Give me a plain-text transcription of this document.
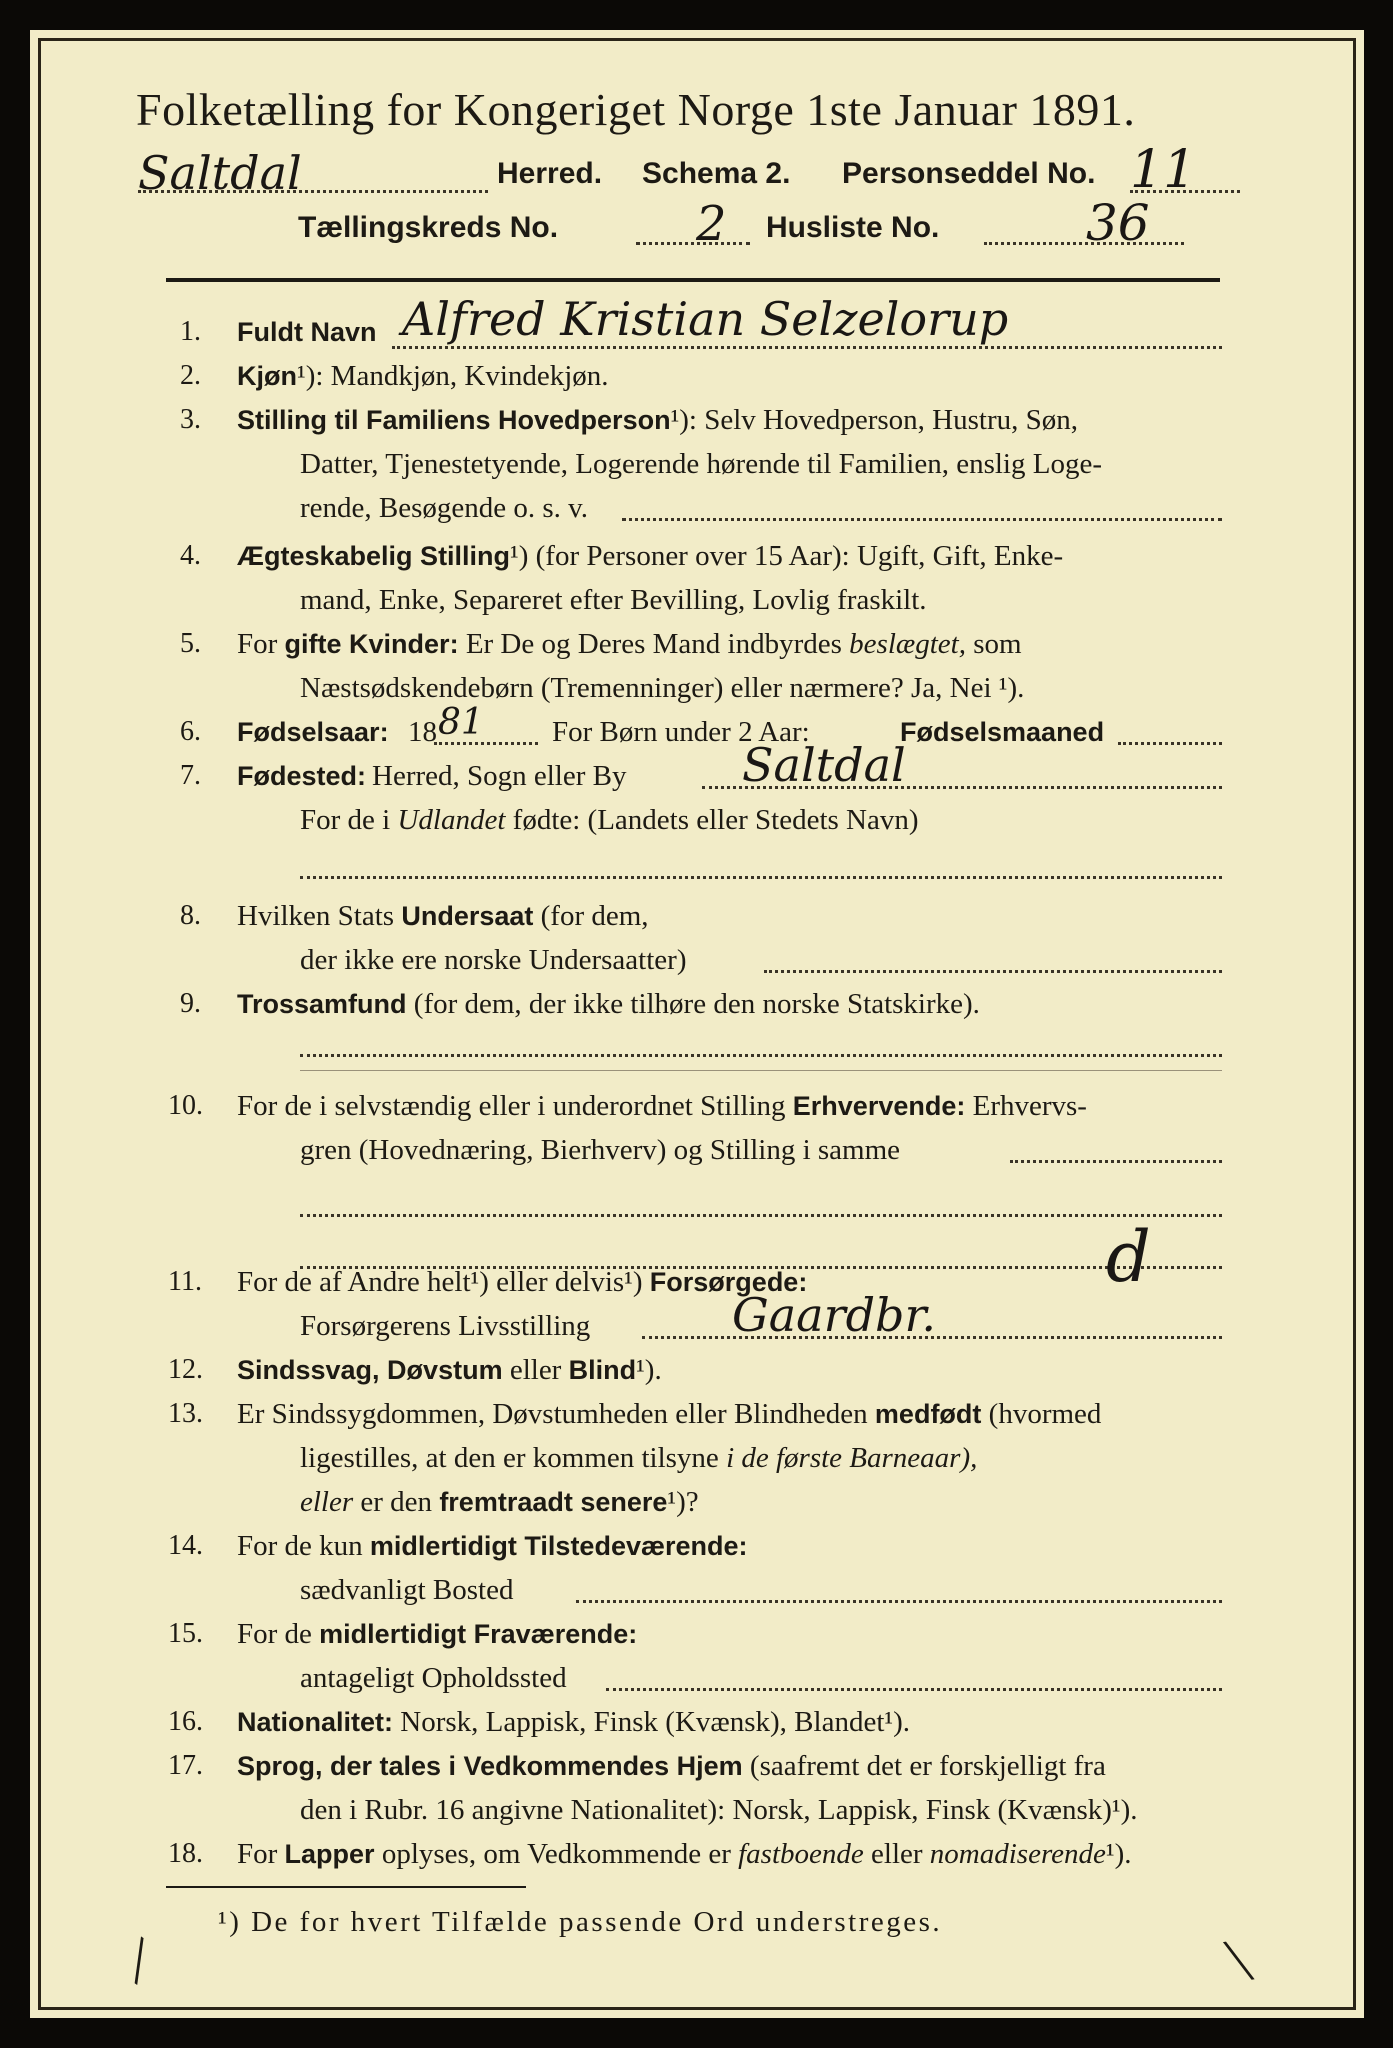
Folketælling for Kongeriget Norge 1ste Januar 1891.
Saltdal	Herred. Schema 2. Personseddel No. 11
Tællingskreds No.	2 Husliste No.	36
1. Fuldt Navn Alfred Kristian Selzelorup
2. Kjøn¹): Mandkjøn, Kvindekjøn.
3. Stilling til Familiens Hovedperson¹): Selv Hovedperson, Hustru, Søn,
Datter, Tjenestetyende, Logerende hørende til Familien, enslig Loge-
rende, Besøgende o. s. v.
4. Ægteskabelig Stilling¹) (for Personer over 15 Aar): Ugift, Gift, Enke-
mand, Enke, Separeret efter Bevilling, Lovlig fraskilt.
5. For gifte Kvinder: Er De og Deres Mand indbyrdes beslægtet, som
Næstsødskendebørn (Tremenninger) eller nærmere? Ja, Nei ¹).
6. Fødselsaar: 18 81 For Børn under 2 Aar:	Fødselsmaaned
7. Fødested: Herred, Sogn eller By	Saltdal
For de i Udlandet fødte: (Landets eller Stedets Navn)
8. Hvilken Stats Undersaat (for dem,
der ikke ere norske Undersaatter)
9. Trossamfund (for dem, der ikke tilhøre den norske Statskirke).
10. For de i selvstændig eller i underordnet Stilling Erhvervende: Erhvervs-
gren (Hovednæring, Bierhverv) og Stilling i samme
11. For de af Andre helt¹) eller delvis¹) Forsørgede:	d
Forsørgerens Livsstilling	Gaardbr.
12. Sindssvag, Døvstum eller Blind¹).
13. Er Sindssygdommen, Døvstumheden eller Blindheden medfødt (hvormed
ligestilles, at den er kommen tilsyne i de første Barneaar),
eller er den fremtraadt senere¹)?
14. For de kun midlertidigt Tilstedeværende:
sædvanligt Bosted
15. For de midlertidigt Fraværende:
antageligt Opholdssted
16. Nationalitet: Norsk, Lappisk, Finsk (Kvænsk), Blandet¹).
17. Sprog, der tales i Vedkommendes Hjem (saafremt det er forskjelligt fra
den i Rubr. 16 angivne Nationalitet): Norsk, Lappisk, Finsk (Kvænsk)¹).
18. For Lapper oplyses, om Vedkommende er fastboende eller nomadiserende¹).
¹) De for hvert Tilfælde passende Ord understreges.
╲	╲
